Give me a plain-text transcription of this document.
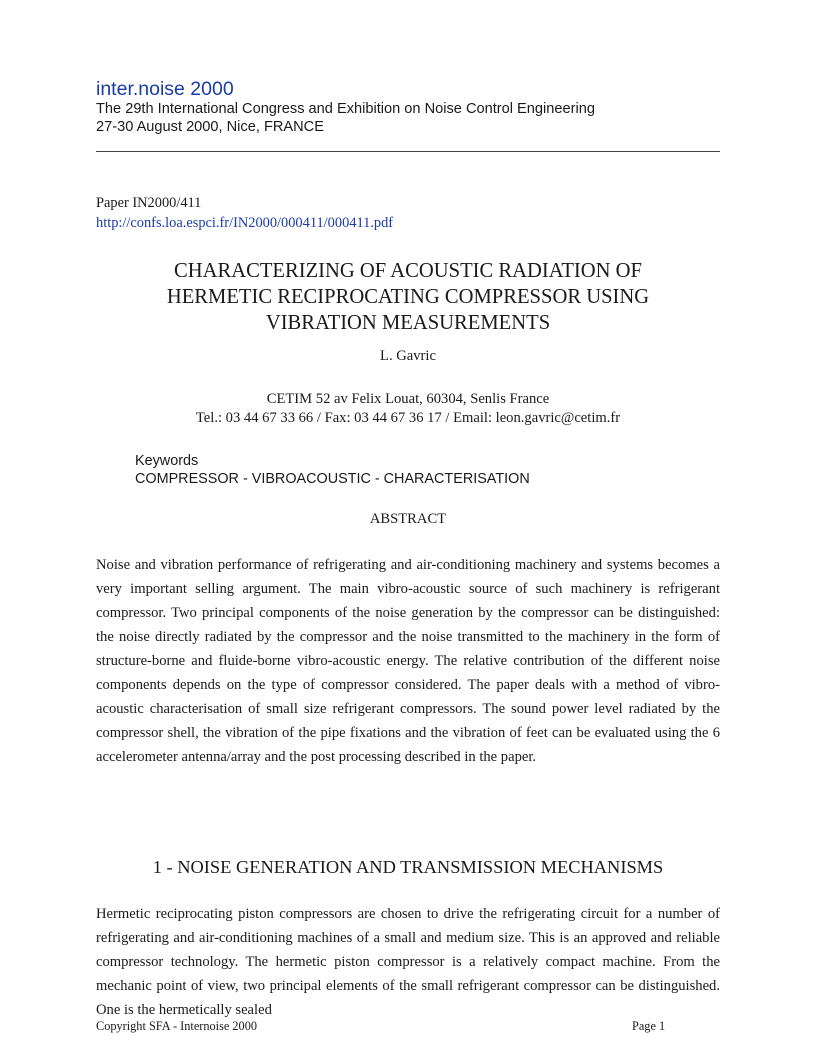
inter.noise 2000

The 29th International Congress and Exhibition on Noise Control Engineering

27-30 August 2000, Nice, FRANCE

Paper IN2000/411
http://confs.loa.espci.fr/IN2000/000411/000411.pdf
CHARACTERIZING OF ACOUSTIC RADIATION OF
HERMETIC RECIPROCATING COMPRESSOR USING
VIBRATION MEASUREMENTS
L. Gavric
CETIM 52 av Felix Louat, 60304, Senlis France
Tel.: 03 44 67 33 66 / Fax: 03 44 67 36 17 / Email: leon.gavric@cetim.fr
Keywords
COMPRESSOR - VIBROACOUSTIC - CHARACTERISATION
ABSTRACT

Noise and vibration performance of refrigerating and air-conditioning machinery and systems becomes a very important selling argument. The main vibro-acoustic source of such machinery is refrigerant compressor. Two principal components of the noise generation by the compressor can be distinguished: the noise directly radiated by the compressor and the noise transmitted to the machinery in the form of structure-borne and fluide-borne vibro-acoustic energy. The relative contribution of the different noise components depends on the type of compressor considered. The paper deals with a method of vibro-acoustic characterisation of small size refrigerant compressors. The sound power level radiated by the compressor shell, the vibration of the pipe fixations and the vibration of feet can be evaluated using the 6 accelerometer antenna/array and the post processing described in the paper.

1 - NOISE GENERATION AND TRANSMISSION MECHANISMS

Hermetic reciprocating piston compressors are chosen to drive the refrigerating circuit for a number of refrigerating and air-conditioning machines of a small and medium size. This is an approved and reliable compressor technology. The hermetic piston compressor is a relatively compact machine. From the mechanic point of view, two principal elements of the small refrigerant compressor can be distinguished. One is the hermetically sealed

Copyright SFA - Internoise 2000	Page 1
